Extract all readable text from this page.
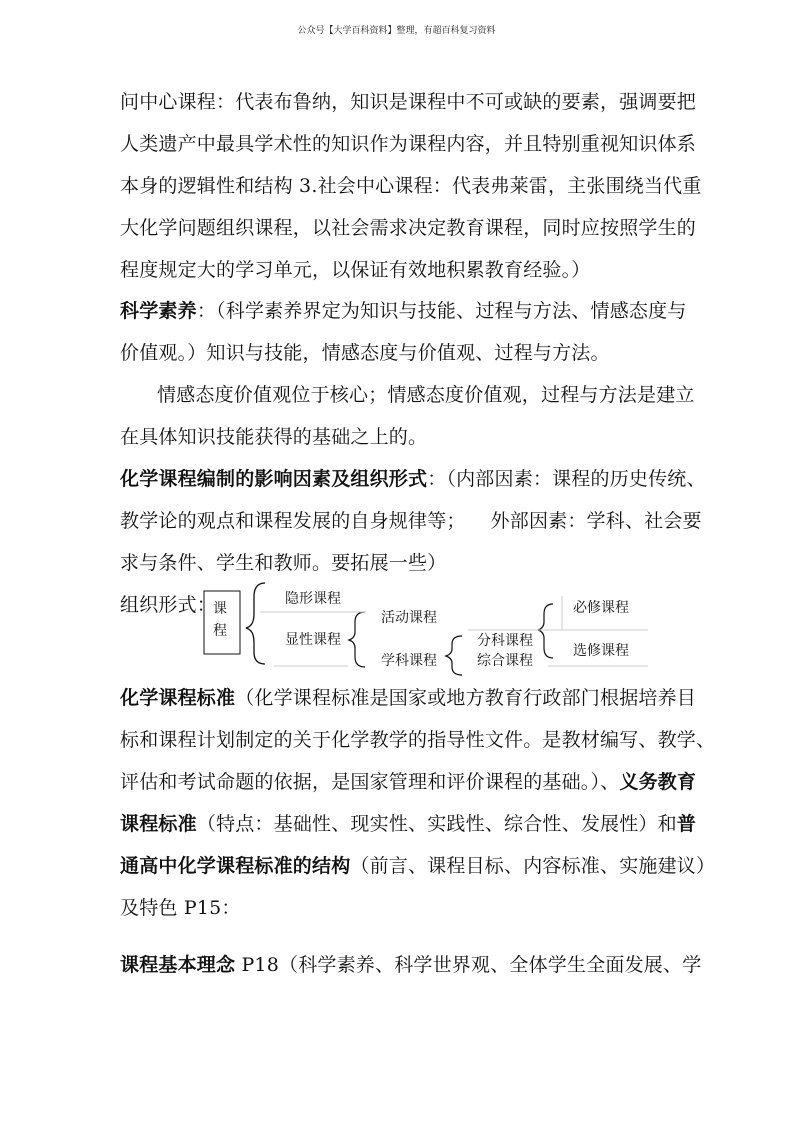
公众号【大学百科资料】整理，有超百科复习资料
问中心课程：代表布鲁纳，知识是课程中不可或缺的要素，强调要把
人类遗产中最具学术性的知识作为课程内容，并且特别重视知识体系
本身的逻辑性和结构 3.社会中心课程：代表弗莱雷，主张围绕当代重
大化学问题组织课程，以社会需求决定教育课程，同时应按照学生的
程度规定大的学习单元，以保证有效地积累教育经验。）
科学素养：（科学素养界定为知识与技能、过程与方法、情感态度与
价值观。）知识与技能，情感态度与价值观、过程与方法。
情感态度价值观位于核心；情感态度价值观，过程与方法是建立
在具体知识技能获得的基础之上的。
化学课程编制的影响因素及组织形式：（内部因素：课程的历史传统、
教学论的观点和课程发展的自身规律等；    外部因素：学科、社会要
求与条件、学生和教师。要拓展一些）
组织形式：
课
程
隐形课程
显性课程
活动课程
学科课程
分科课程
综合课程
必修课程
选修课程
化学课程标准（化学课程标准是国家或地方教育行政部门根据培养目
标和课程计划制定的关于化学教学的指导性文件。是教材编写、教学、
评估和考试命题的依据，是国家管理和评价课程的基础。）、义务教育
课程标准（特点：基础性、现实性、实践性、综合性、发展性）和普
通高中化学课程标准的结构（前言、课程目标、内容标准、实施建议）
及特色 P15：
课程基本理念 P18（科学素养、科学世界观、全体学生全面发展、学
